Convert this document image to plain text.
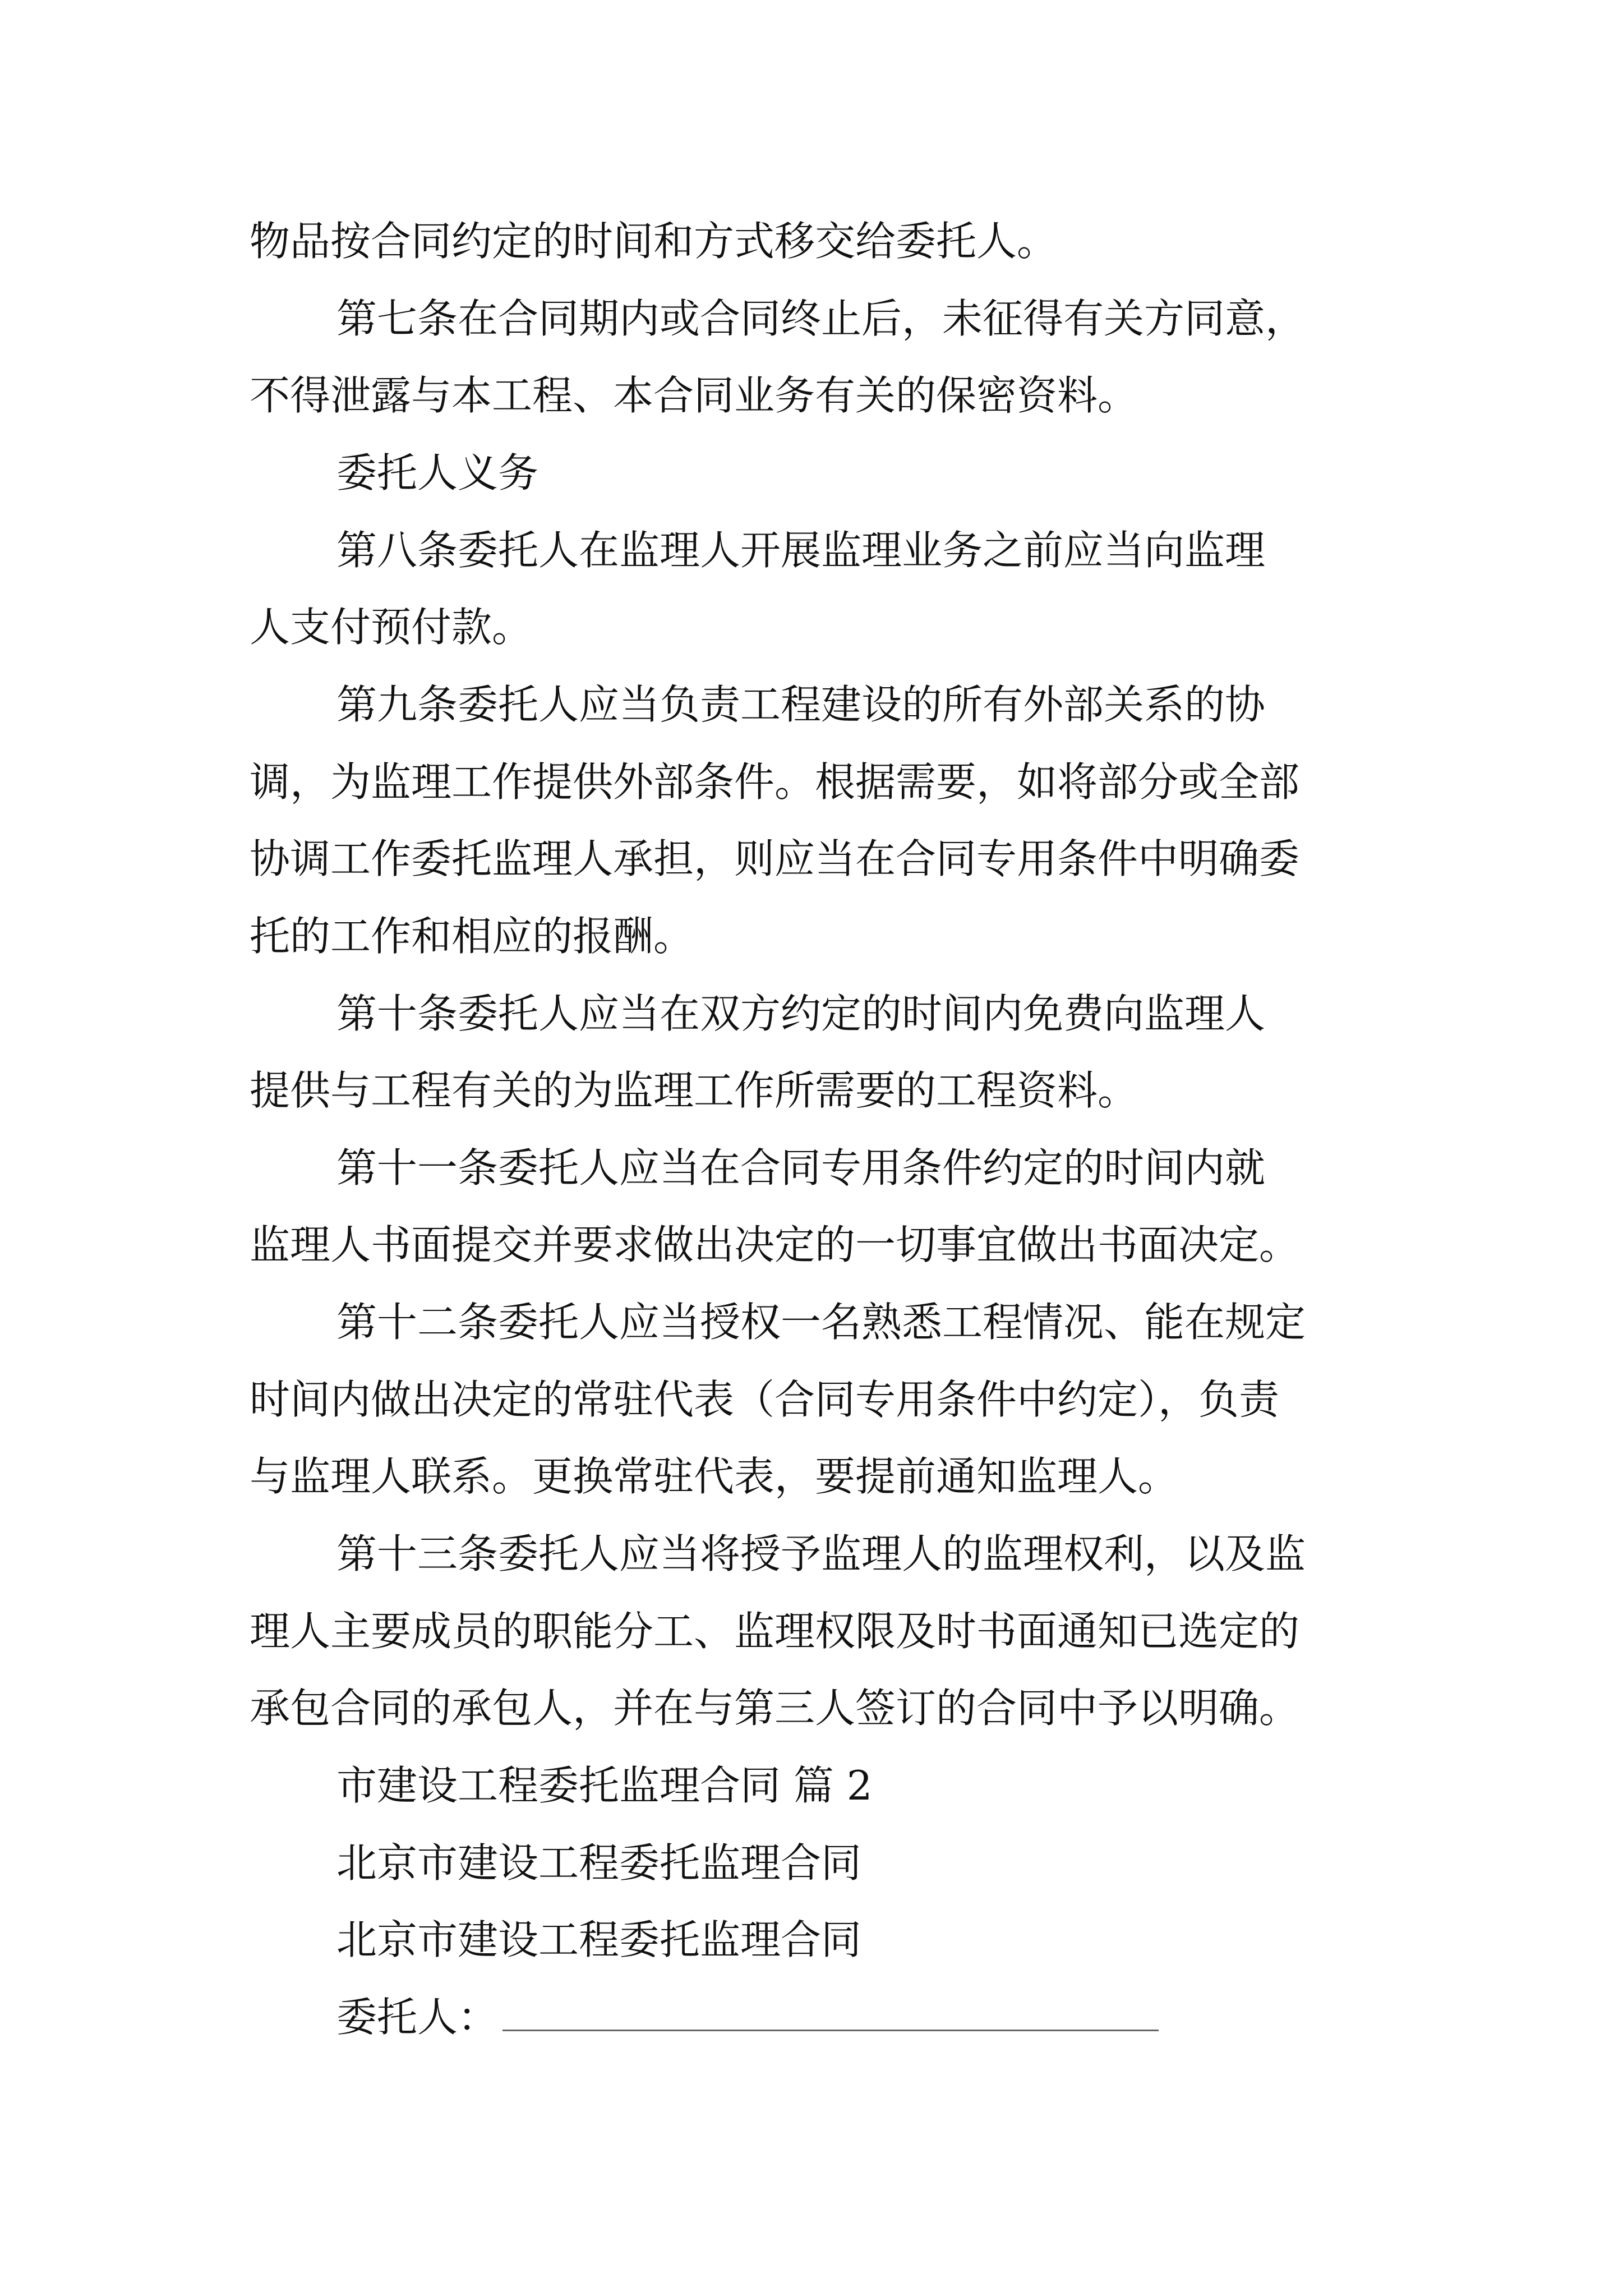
物品按合同约定的时间和方式移交给委托人。
第七条在合同期内或合同终止后，未征得有关方同意，
不得泄露与本工程、本合同业务有关的保密资料。
委托人义务
第八条委托人在监理人开展监理业务之前应当向监理
人支付预付款。
第九条委托人应当负责工程建设的所有外部关系的协
调，为监理工作提供外部条件。根据需要，如将部分或全部
协调工作委托监理人承担，则应当在合同专用条件中明确委
托的工作和相应的报酬。
第十条委托人应当在双方约定的时间内免费向监理人
提供与工程有关的为监理工作所需要的工程资料。
第十一条委托人应当在合同专用条件约定的时间内就
监理人书面提交并要求做出决定的一切事宜做出书面决定。
第十二条委托人应当授权一名熟悉工程情况、能在规定
时间内做出决定的常驻代表（合同专用条件中约定），负责
与监理人联系。更换常驻代表，要提前通知监理人。
第十三条委托人应当将授予监理人的监理权利，以及监
理人主要成员的职能分工、监理权限及时书面通知已选定的
承包合同的承包人，并在与第三人签订的合同中予以明确。
市建设工程委托监理合同 篇 2
北京市建设工程委托监理合同
北京市建设工程委托监理合同
委托人：
